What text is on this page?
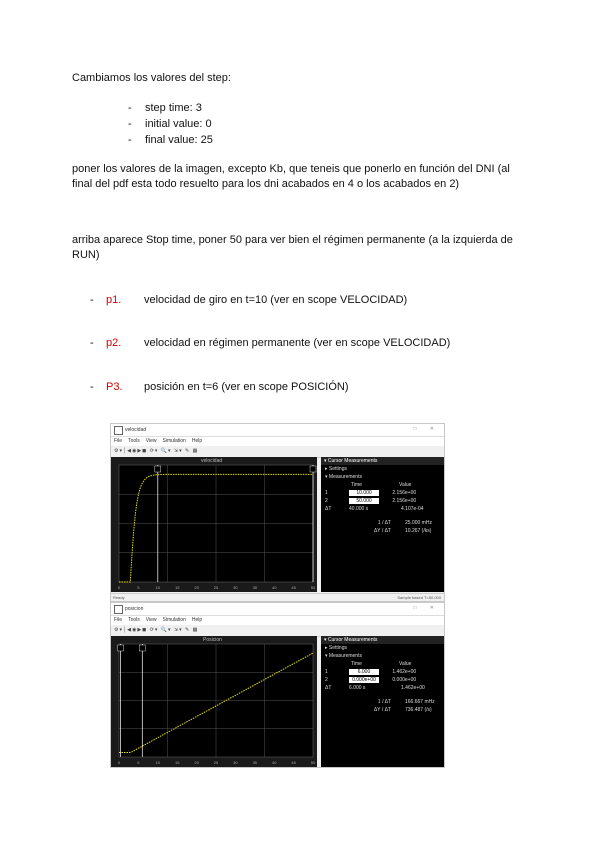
Cambiamos los valores del step:
- step time: 3
- initial value: 0
- final value: 25
poner los valores de la imagen, excepto Kb, que teneis que ponerlo en función del DNI (al final del pdf esta todo resuelto para los dni acabados en 4 o los acabados en 2)
arriba aparece Stop time, poner 50 para ver bien el régimen permanente (a la izquierda de RUN)
- p1. velocidad de giro en t=10 (ver en scope VELOCIDAD)
- p2. velocidad en régimen permanente (ver en scope VELOCIDAD)
- P3. posición en t=6 (ver en scope POSICIÓN)
velocidad	□ ✕
File Tools View Simulation Help
⚙▾│◀◉▶◼ ⟳▾ 🔍▾ ⇲▾ ✎ ▦
velocidad
0	5	10	15	20	25	30	35	40	45	50
▾ Cursor Measurements
▸ Settings
▾ Measurements
Time	Value
1	10.000	2.156e+00
2	50.000	2.156e+00
ΔT	40.000 s	4.107e-04
1 / ΔT	25.000 mHz
ΔY / ΔT	10.267 (/ks)
Ready	Sample based T=50.000
posicion	□ ✕
File Tools View Simulation Help
⚙▾│◀◉▶◼ ⟳▾ 🔍▾ ⇲▾ ✎ ▦
Posicion
0	5	10	15	20	25	30	35	40	45	50
▾ Cursor Measurements
▸ Settings
▾ Measurements
Time	Value
1	6.000	1.462e+00
2	0.000e+00	0.000e+00
ΔT	6.000 s	1.462e+00
1 / ΔT	166.667 mHz
ΔY / ΔT	736.487 (/s)
